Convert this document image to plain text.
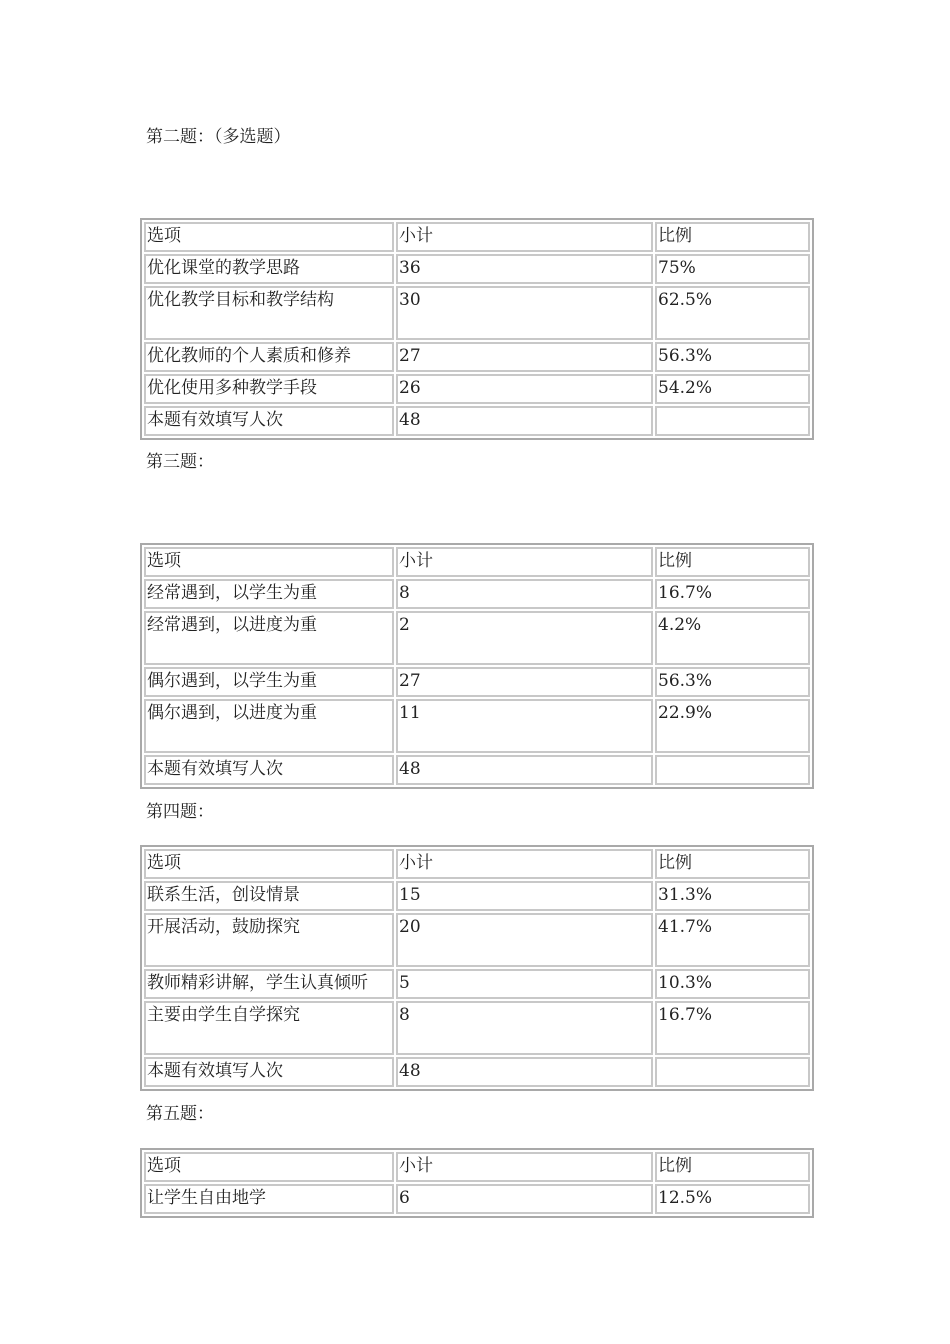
第二题：（多选题）
选项	小计	比例
优化课堂的教学思路	36	75%
优化教学目标和教学结构	30	62.5%
优化教师的个人素质和修养	27	56.3%
优化使用多种教学手段	26	54.2%
本题有效填写人次	48	
第三题：
选项	小计	比例
经常遇到，以学生为重	8	16.7%
经常遇到，以进度为重	2	4.2%
偶尔遇到，以学生为重	27	56.3%
偶尔遇到，以进度为重	11	22.9%
本题有效填写人次	48	
第四题：
选项	小计	比例
联系生活，创设情景	15	31.3%
开展活动，鼓励探究	20	41.7%
教师精彩讲解，学生认真倾听	5	10.3%
主要由学生自学探究	8	16.7%
本题有效填写人次	48	
第五题：
选项	小计	比例
让学生自由地学	6	12.5%
